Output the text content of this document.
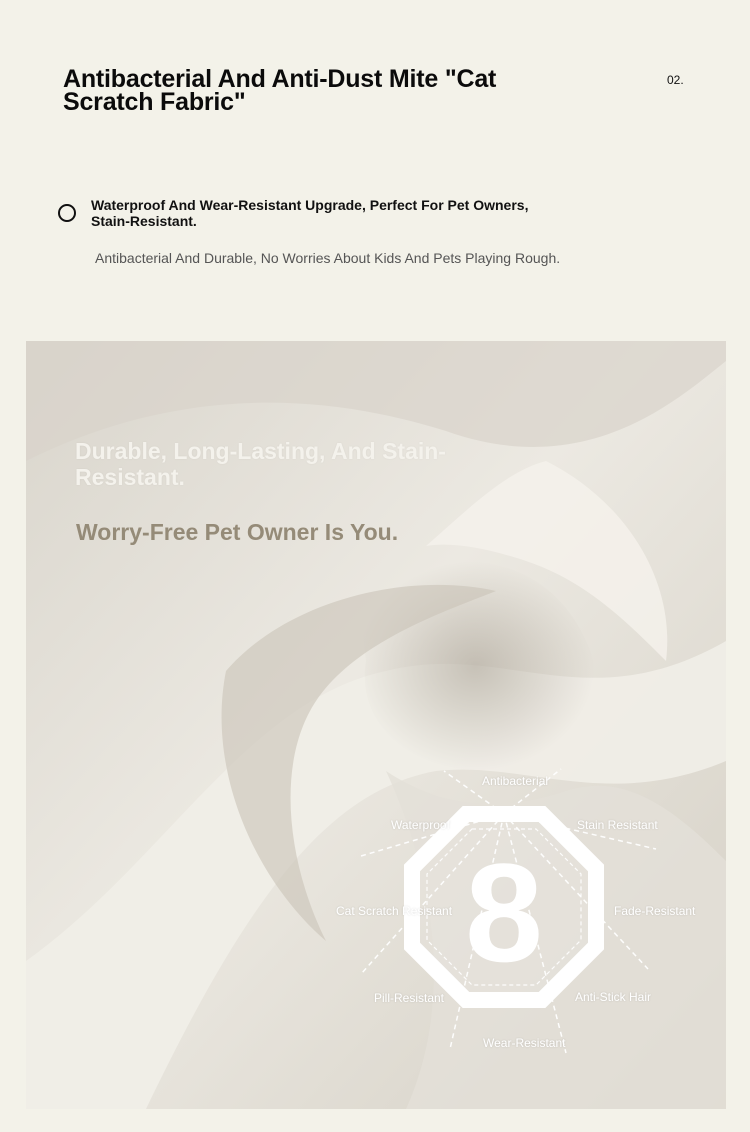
Antibacterial And Anti-Dust Mite "Cat Scratch Fabric"
02.
Waterproof And Wear-Resistant Upgrade, Perfect For Pet Owners, Stain-Resistant.
Antibacterial And Durable, No Worries About Kids And Pets Playing Rough.
Durable, Long-Lasting, And Stain-Resistant.
Worry-Free Pet Owner Is You.
8
Antibacterial
Waterproof	Stain Resistant
Cat Scratch Resistant	Fade-Resistant
Pill-Resistant	Anti-Stick Hair
Wear-Resistant
